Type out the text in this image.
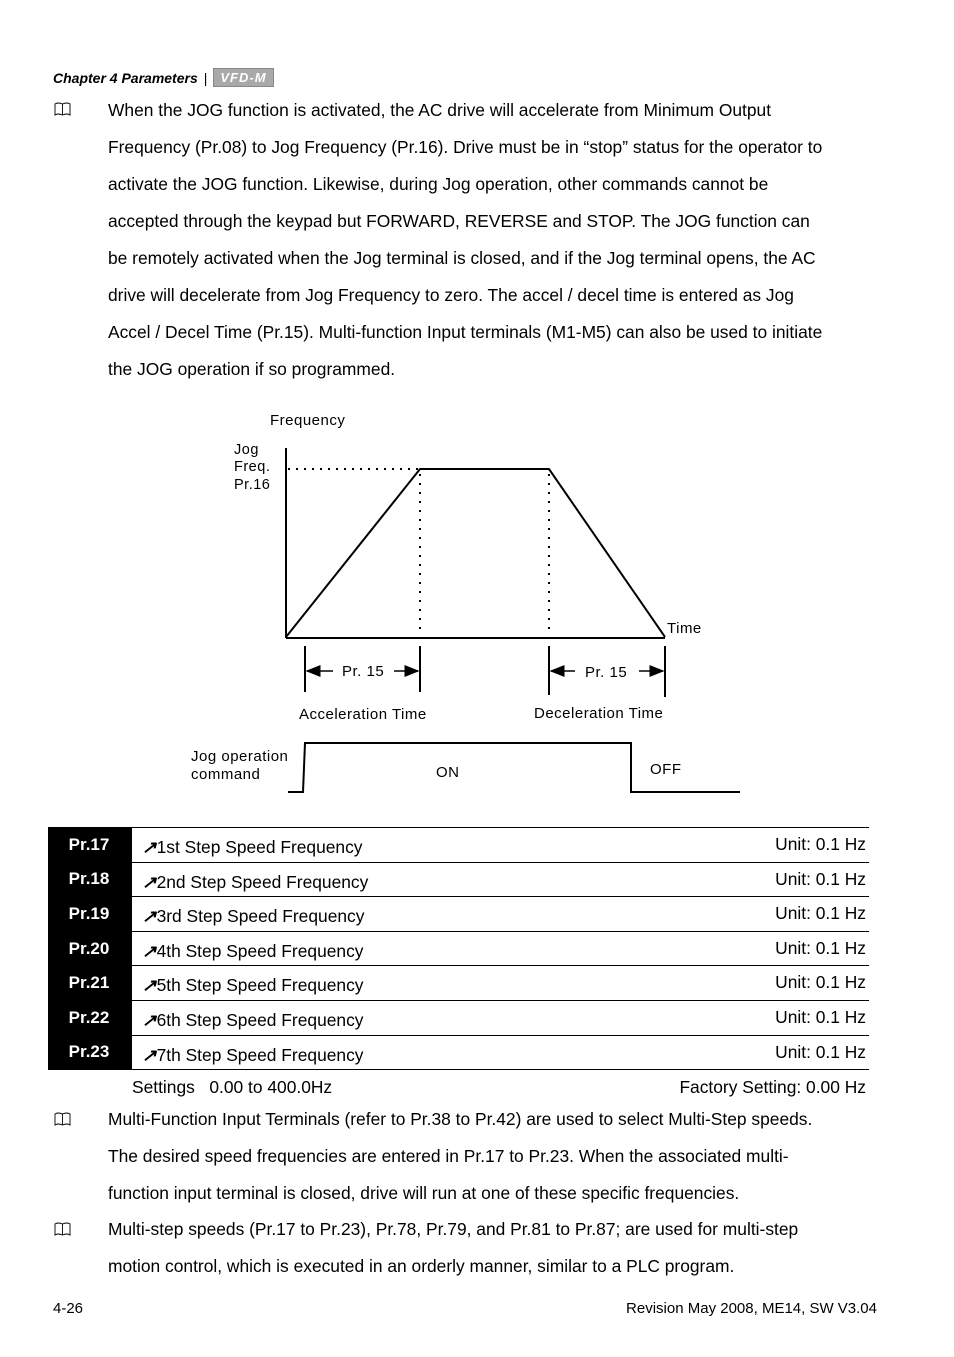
Chapter 4 Parameters |	VFD-M
When the JOG function is activated, the AC drive will accelerate from Minimum Output
Frequency (Pr.08) to Jog Frequency (Pr.16). Drive must be in “stop” status for the operator to
activate the JOG function. Likewise, during Jog operation, other commands cannot be
accepted through the keypad but FORWARD, REVERSE and STOP. The JOG function can
be remotely activated when the Jog terminal is closed, and if the Jog terminal opens, the AC
drive will decelerate from Jog Frequency to zero. The accel / decel time is entered as Jog
Accel / Decel Time (Pr.15). Multi-function Input terminals (M1-M5) can also be used to initiate
the JOG operation if so programmed.
Frequency
Jog
Freq.
Pr.16
Time
Pr. 15
Acceleration Time
Pr. 15
Deceleration Time
Jog operation
command	ON	OFF
Pr.17	↗1st Step Speed Frequency	Unit: 0.1 Hz
Pr.18	↗2nd Step Speed Frequency	Unit: 0.1 Hz
Pr.19	↗3rd Step Speed Frequency	Unit: 0.1 Hz
Pr.20	↗4th Step Speed Frequency	Unit: 0.1 Hz
Pr.21	↗5th Step Speed Frequency	Unit: 0.1 Hz
Pr.22	↗6th Step Speed Frequency	Unit: 0.1 Hz
Pr.23	↗7th Step Speed Frequency	Unit: 0.1 Hz
Settings   0.00 to 400.0Hz	Factory Setting: 0.00 Hz
Multi-Function Input Terminals (refer to Pr.38 to Pr.42) are used to select Multi-Step speeds.
The desired speed frequencies are entered in Pr.17 to Pr.23. When the associated multi-
function input terminal is closed, drive will run at one of these specific frequencies.
Multi-step speeds (Pr.17 to Pr.23), Pr.78, Pr.79, and Pr.81 to Pr.87; are used for multi-step
motion control, which is executed in an orderly manner, similar to a PLC program.
4-26	Revision May 2008, ME14, SW V3.04
